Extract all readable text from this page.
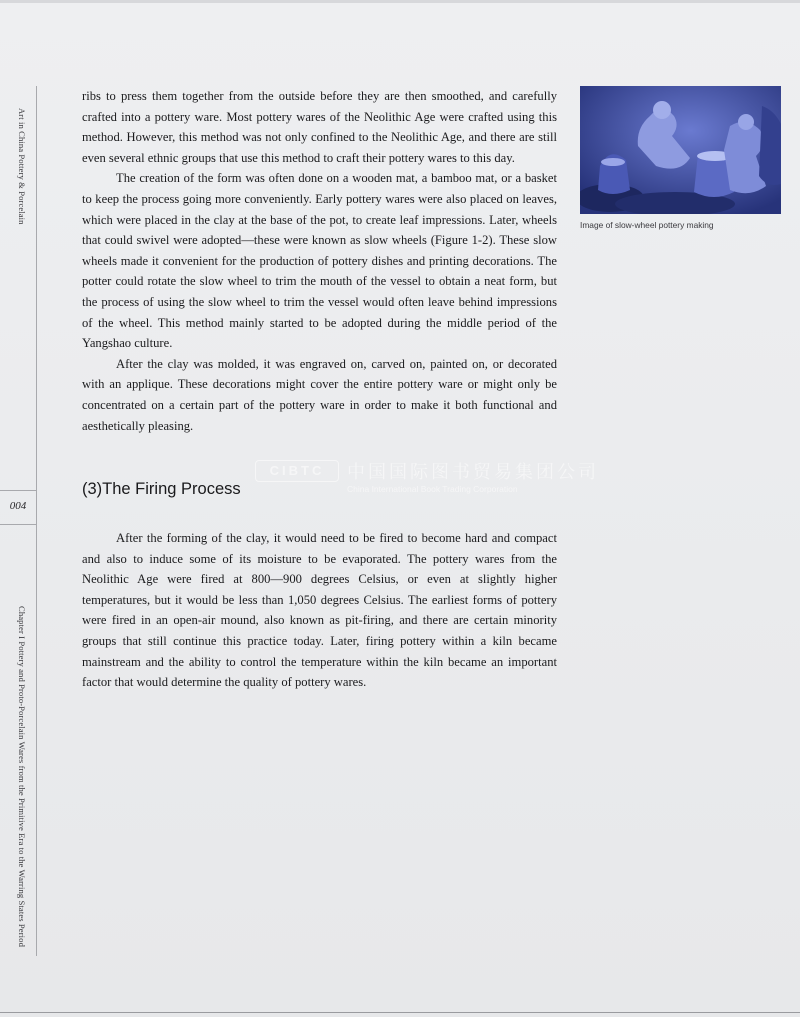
Art in China Pottery & Porcelain
Chapter I Pottery and Proto-Porcelain Wares from the Primitive Era to the Warring States Period
004
Image of slow-wheel pottery making

ribs to press them together from the outside before they are then smoothed, and carefully crafted into a pottery ware. Most pottery wares of the Neolithic Age were crafted using this method. However, this method was not only confined to the Neolithic Age, and there are still even several ethnic groups that use this method to craft their pottery wares to this day.

The creation of the form was often done on a wooden mat, a bamboo mat, or a basket to keep the process going more conveniently. Early pottery wares were also placed on leaves, which were placed in the clay at the base of the pot, to create leaf impressions. Later, wheels that could swivel were adopted—these were known as slow wheels (Figure 1-2). These slow wheels made it convenient for the production of pottery dishes and printing decorations. The potter could rotate the slow wheel to trim the mouth of the vessel to obtain a neat form, but the process of using the slow wheel to trim the vessel would often leave behind impressions of the wheel. This method mainly started to be adopted during the middle period of the Yangshao culture.

After the clay was molded, it was engraved on, carved on, painted on, or decorated with an applique. These decorations might cover the entire pottery ware or might only be concentrated on a certain part of the pottery ware in order to make it both functional and aesthetically pleasing.

CIBTC	中国国际图书贸易集团公司
China International Book Trading Corporation
(3)The Firing Process

After the forming of the clay, it would need to be fired to become hard and compact and also to induce some of its moisture to be evaporated. The pottery wares from the Neolithic Age were fired at 800—900 degrees Celsius, or even at slightly higher temperatures, but it would be less than 1,050 degrees Celsius. The earliest forms of pottery were fired in an open-air mound, also known as pit-firing, and there are certain minority groups that still continue this practice today. Later, firing pottery within a kiln became mainstream and the ability to control the temperature within the kiln became an important factor that would determine the quality of pottery wares.
